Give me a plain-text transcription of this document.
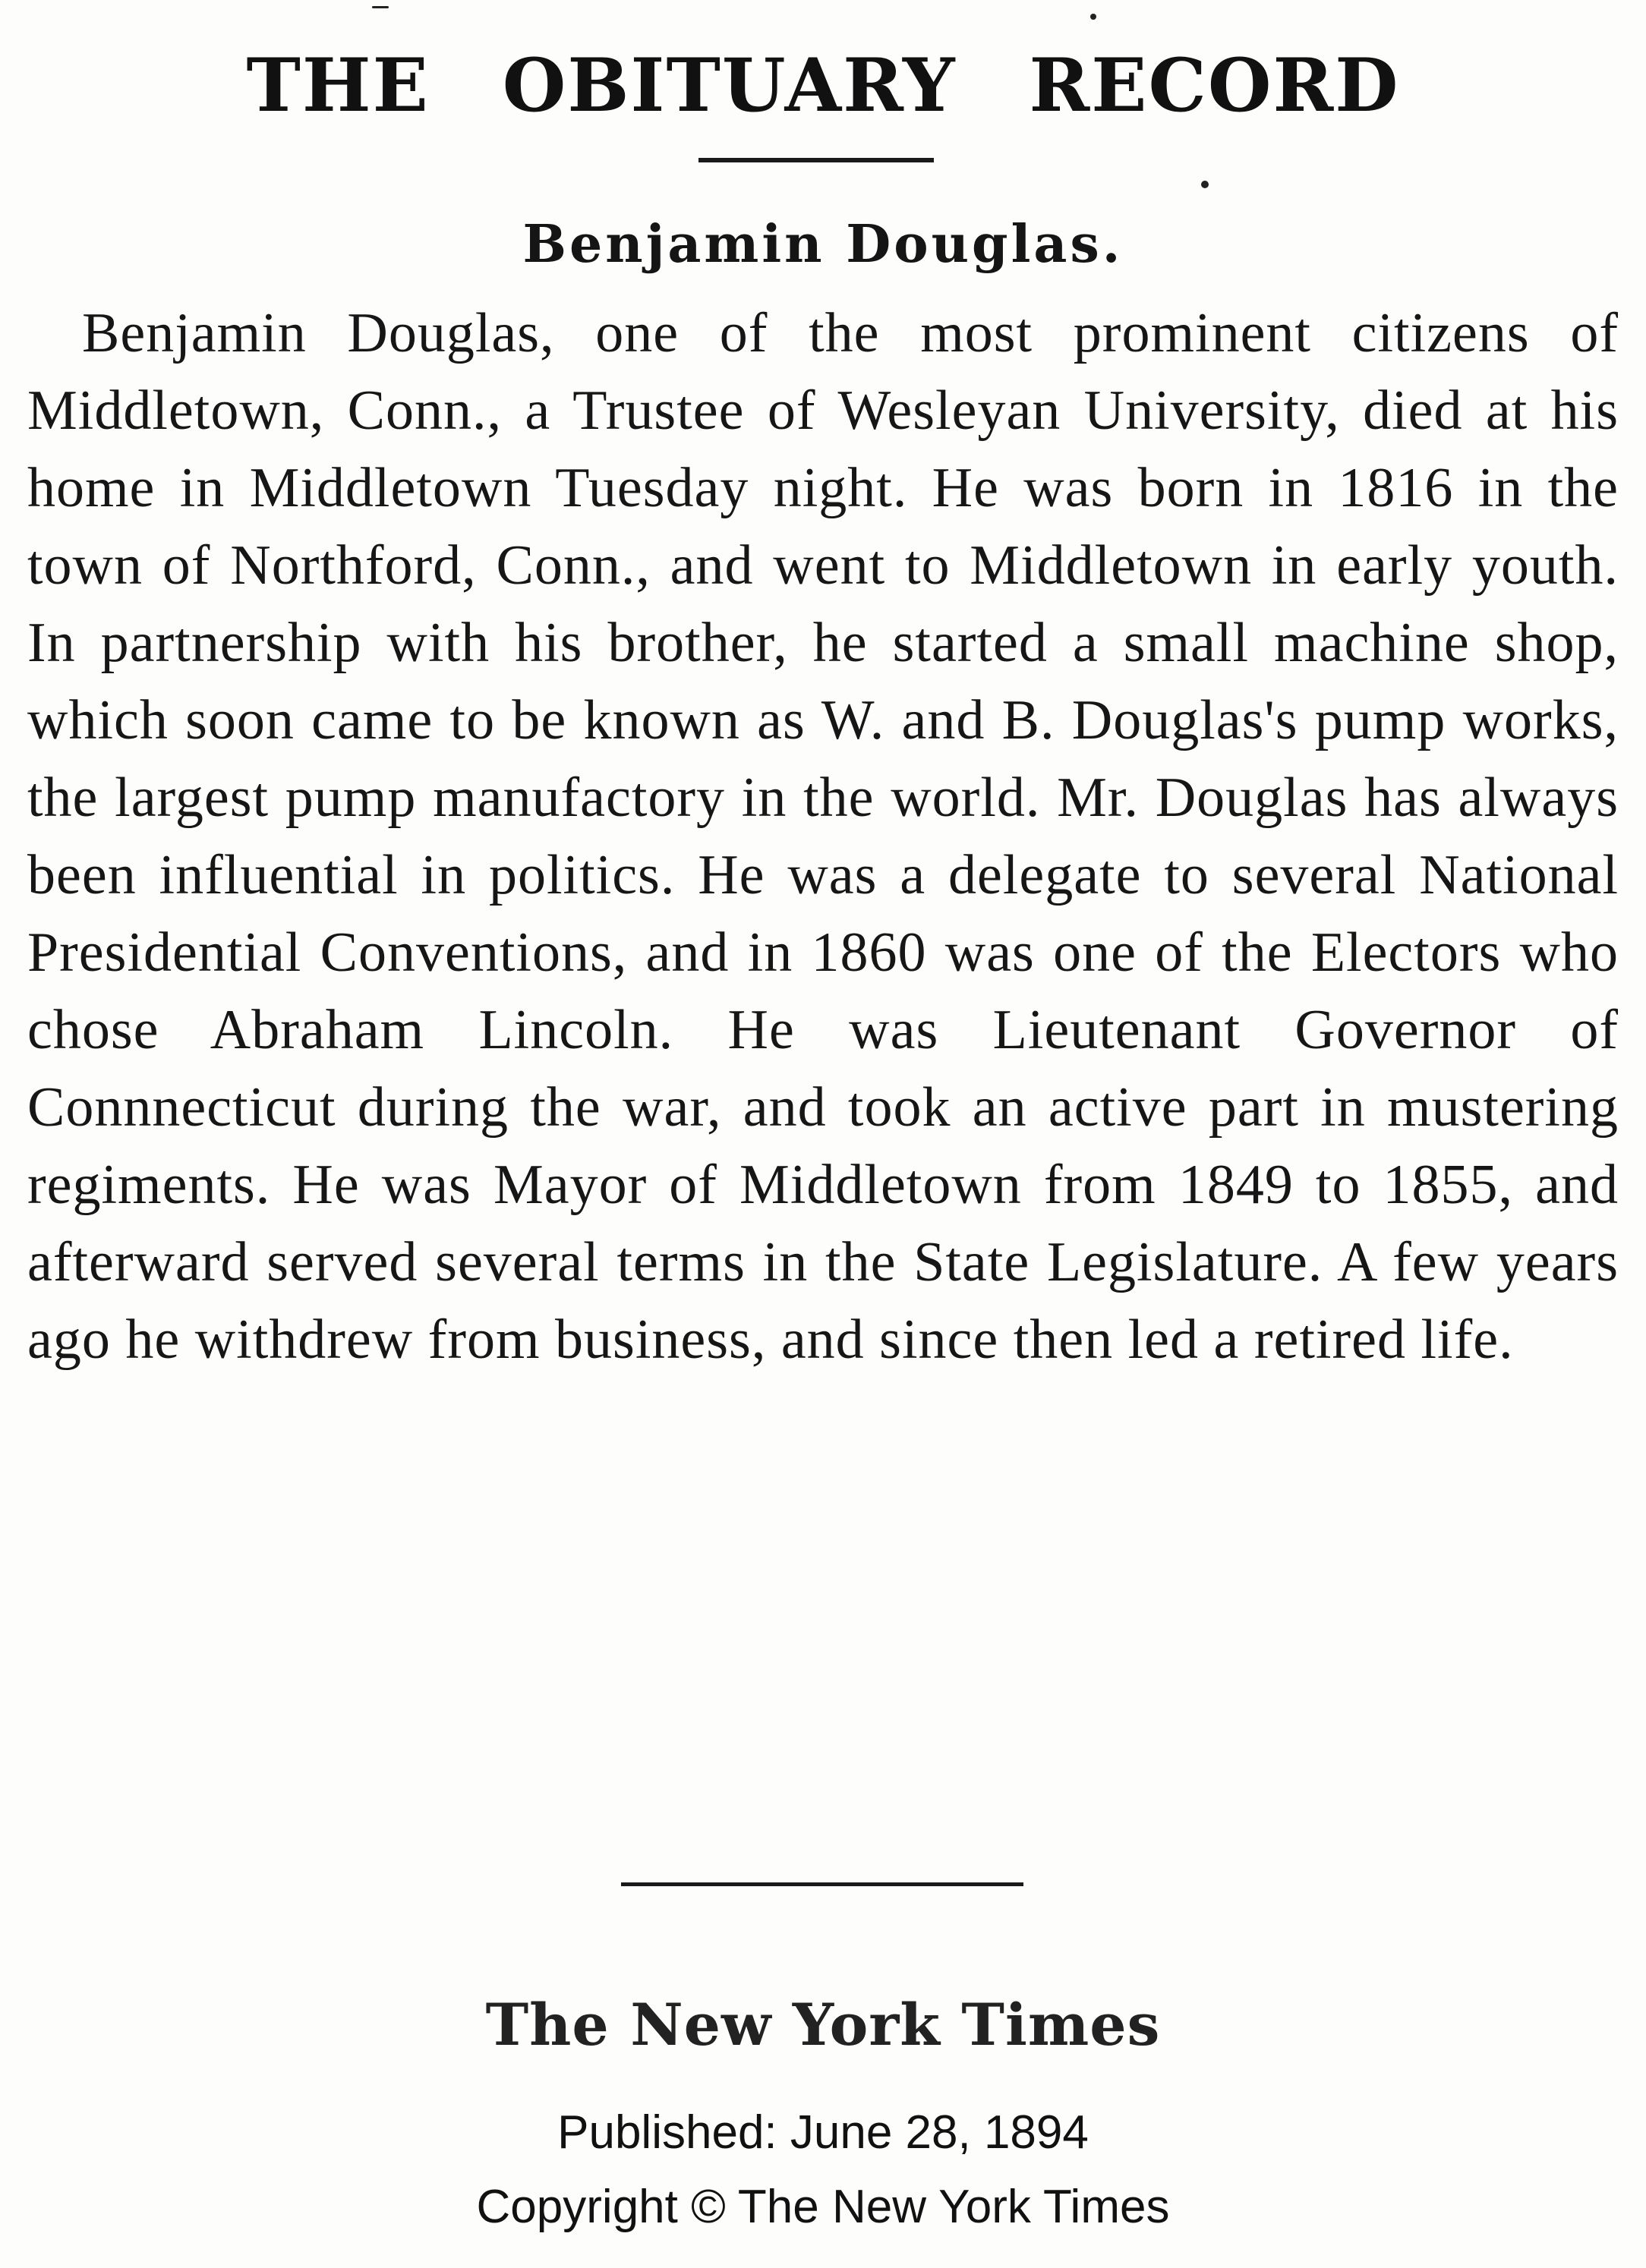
THE OBITUARY RECORD
Benjamin Douglas.

Benjamin Douglas, one of the most prominent citizens of Middletown, Conn., a Trustee of Wesleyan University, died at his home in Middletown Tuesday night. He was born in 1816 in the town of Northford, Conn., and went to Middletown in early youth. In partnership with his brother, he started a small machine shop, which soon came to be known as W. and B. Douglas's pump works, the largest pump manufactory in the world. Mr. Douglas has always been influential in politics. He was a delegate to several National Presidential Conventions, and in 1860 was one of the Electors who chose Abraham Lincoln. He was Lieutenant Governor of Connnecticut during the war, and took an active part in mustering regiments. He was Mayor of Middletown from 1849 to 1855, and afterward served several terms in the State Legislature. A few years ago he withdrew from business, and since then led a retired life.

The New York Times
Published: June 28, 1894
Copyright © The New York Times
